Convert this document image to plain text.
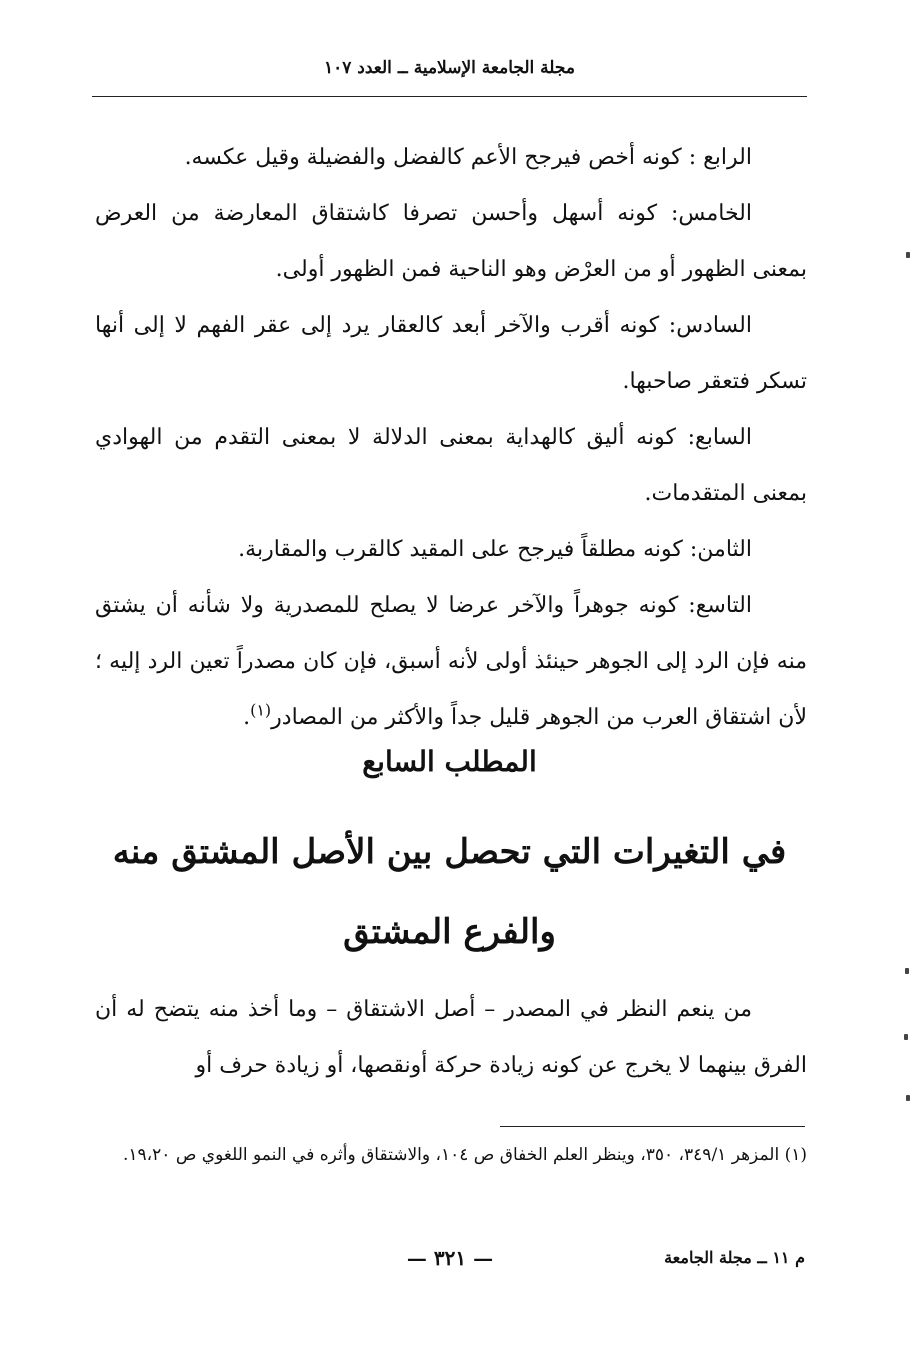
مجلة الجامعة الإسلامية ــ العدد ١٠٧

الرابع : كونه أخص فيرجح الأعم كالفضل والفضيلة وقيل عكسه.

الخامس: كونه أسهل وأحسن تصرفا كاشتقاق المعارضة من العرض بمعنى الظهور أو من العرْض وهو الناحية فمن الظهور أولى.

السادس: كونه أقرب والآخر أبعد كالعقار يرد إلى عقر الفهم لا إلى أنها تسكر فتعقر صاحبها.

السابع: كونه أليق كالهداية بمعنى الدلالة لا بمعنى التقدم من الهوادي بمعنى المتقدمات.

الثامن: كونه مطلقاً فيرجح على المقيد كالقرب والمقاربة.

التاسع: كونه جوهراً والآخر عرضا لا يصلح للمصدرية ولا شأنه أن يشتق منه فإن الرد إلى الجوهر حينئذ أولى لأنه أسبق، فإن كان مصدراً تعين الرد إليه ؛ لأن اشتقاق العرب من الجوهر قليل جداً والأكثر من المصادر$^{(١)}$.

المطلب السابع
في التغيرات التي تحصل بين الأصل المشتق منه والفرع المشتق

من ينعم النظر في المصدر – أصل الاشتقاق – وما أخذ منه يتضح له أن الفرق بينهما لا يخرج عن كونه زيادة حركة أونقصها، أو زيادة حرف أو

(١) المزهر ٣٤٩/١، ٣٥٠، وينظر العلم الخفاق ص ١٠٤، والاشتقاق وأثره في النمو اللغوي ص ١٩،٢٠.
— ٣٢١ —	م ١١ ــ مجلة الجامعة
